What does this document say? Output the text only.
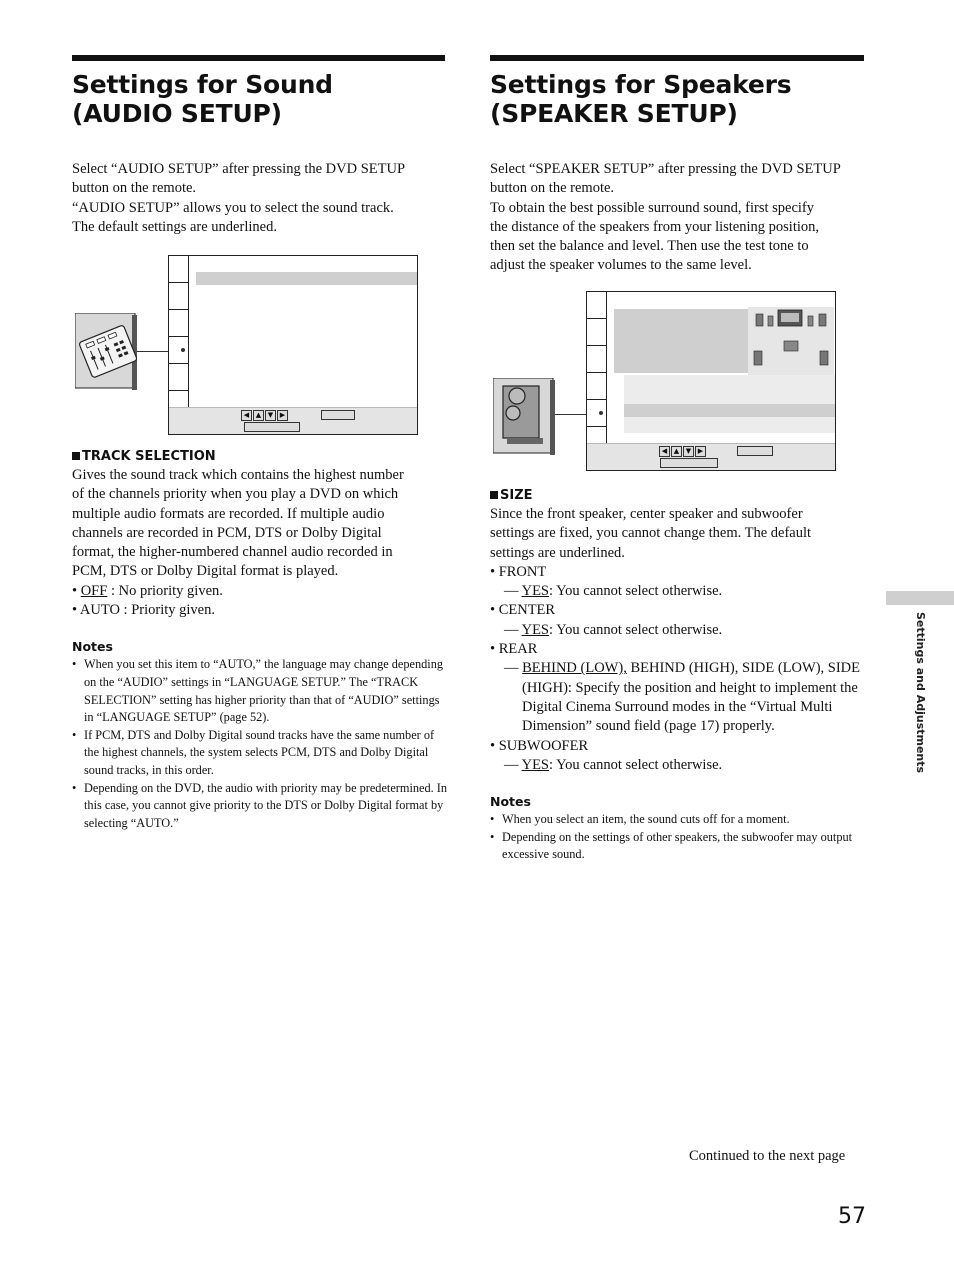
Settings for Sound
(AUDIO SETUP)

Select “AUDIO SETUP” after pressing the DVD SETUP

button on the remote.

“AUDIO SETUP” allows you to select the sound track.

The default settings are underlined.

◀ ▲ ▼ ▶

TRACK SELECTION

Gives the sound track which contains the highest number

of the channels priority when you play a DVD on which

multiple audio formats are recorded. If multiple audio

channels are recorded in PCM, DTS or Dolby Digital

format, the higher-numbered channel audio recorded in

PCM, DTS or Dolby Digital format is played.

• OFF : No priority given.

• AUTO : Priority given.

Notes

• When you set this item to “AUTO,” the language may change depending on the “AUDIO” settings in “LANGUAGE SETUP.” The “TRACK SELECTION” setting has higher priority than that of “AUDIO” settings in “LANGUAGE SETUP” (page 52).
• If PCM, DTS and Dolby Digital sound tracks have the same number of the highest channels, the system selects PCM, DTS and Dolby Digital sound tracks, in this order.
• Depending on the DVD, the audio with priority may be predetermined. In this case, you cannot give priority to the DTS or Dolby Digital format by selecting “AUTO.”
Settings for Speakers
(SPEAKER SETUP)

Select “SPEAKER SETUP” after pressing the DVD SETUP

button on the remote.

To obtain the best possible surround sound, first specify

the distance of the speakers from your listening position,

then set the balance and level. Then use the test tone to

adjust the speaker volumes to the same level.

◀ ▲ ▼ ▶

SIZE

Since the front speaker, center speaker and subwoofer

settings are fixed, you cannot change them. The default

settings are underlined.

• FRONT

— YES: You cannot select otherwise.

• CENTER

— YES: You cannot select otherwise.

• REAR

— BEHIND (LOW), BEHIND (HIGH), SIDE (LOW), SIDE (HIGH): Specify the position and height to implement the Digital Cinema Surround modes in the “Virtual Multi Dimension” sound field (page 17) properly.

• SUBWOOFER

— YES: You cannot select otherwise.

Notes

• When you select an item, the sound cuts off for a moment.
• Depending on the settings of other speakers, the subwoofer may output excessive sound.
Settings and Adjustments
Continued to the next page
57
